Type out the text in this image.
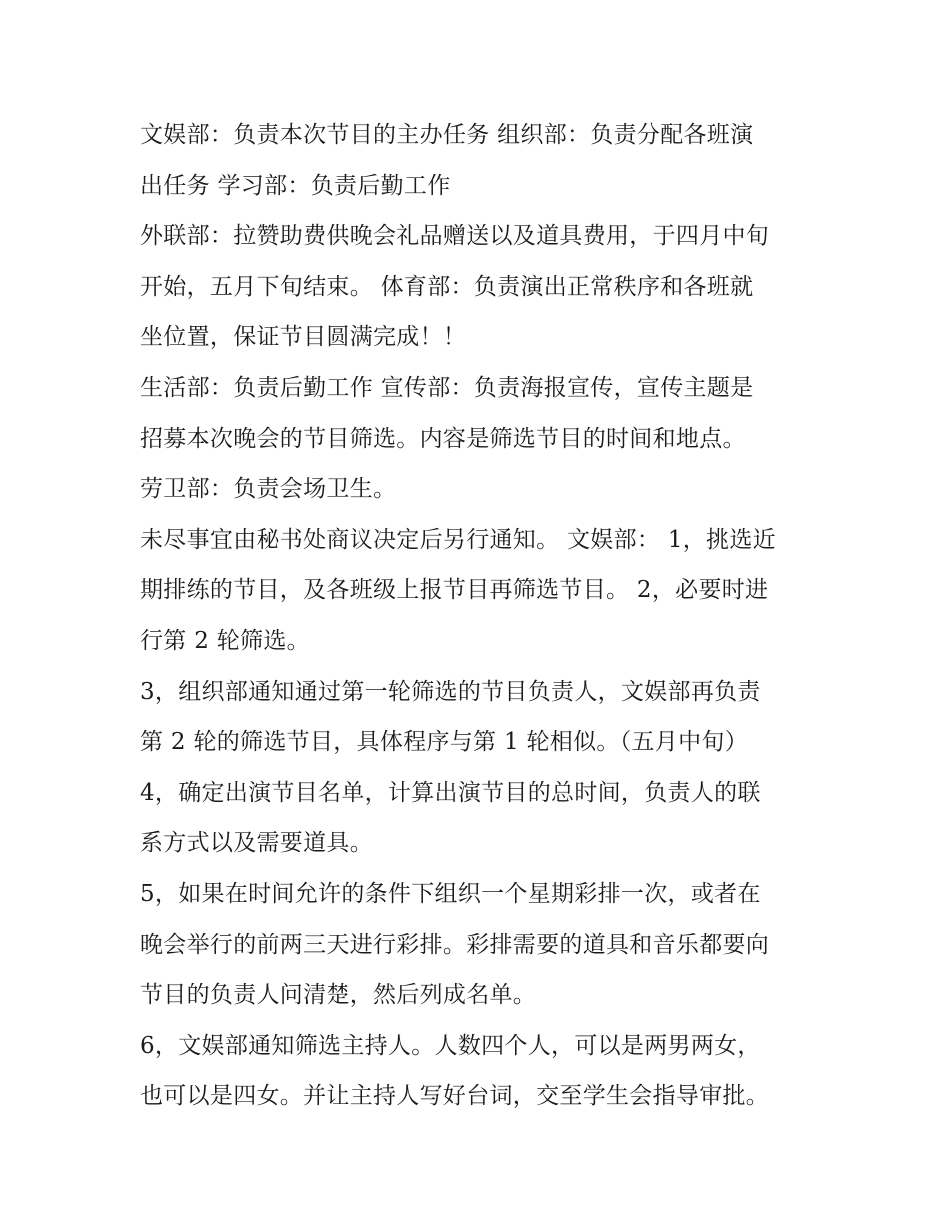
文娱部：负责本次节目的主办任务 组织部：负责分配各班演
出任务 学习部：负责后勤工作
外联部：拉赞助费供晚会礼品赠送以及道具费用，于四月中旬
开始，五月下旬结束。 体育部：负责演出正常秩序和各班就
坐位置，保证节目圆满完成！！
生活部：负责后勤工作 宣传部：负责海报宣传，宣传主题是
招募本次晚会的节目筛选。内容是筛选节目的时间和地点。
劳卫部：负责会场卫生。
未尽事宜由秘书处商议决定后另行通知。 文娱部： 1，挑选近
期排练的节目，及各班级上报节目再筛选节目。 2，必要时进
行第 2 轮筛选。
3，组织部通知通过第一轮筛选的节目负责人，文娱部再负责
第 2 轮的筛选节目，具体程序与第 1 轮相似。（五月中旬）
4，确定出演节目名单，计算出演节目的总时间，负责人的联
系方式以及需要道具。
5，如果在时间允许的条件下组织一个星期彩排一次，或者在
晚会举行的前两三天进行彩排。彩排需要的道具和音乐都要向
节目的负责人问清楚，然后列成名单。
6，文娱部通知筛选主持人。人数四个人，可以是两男两女，
也可以是四女。并让主持人写好台词，交至学生会指导审批。
